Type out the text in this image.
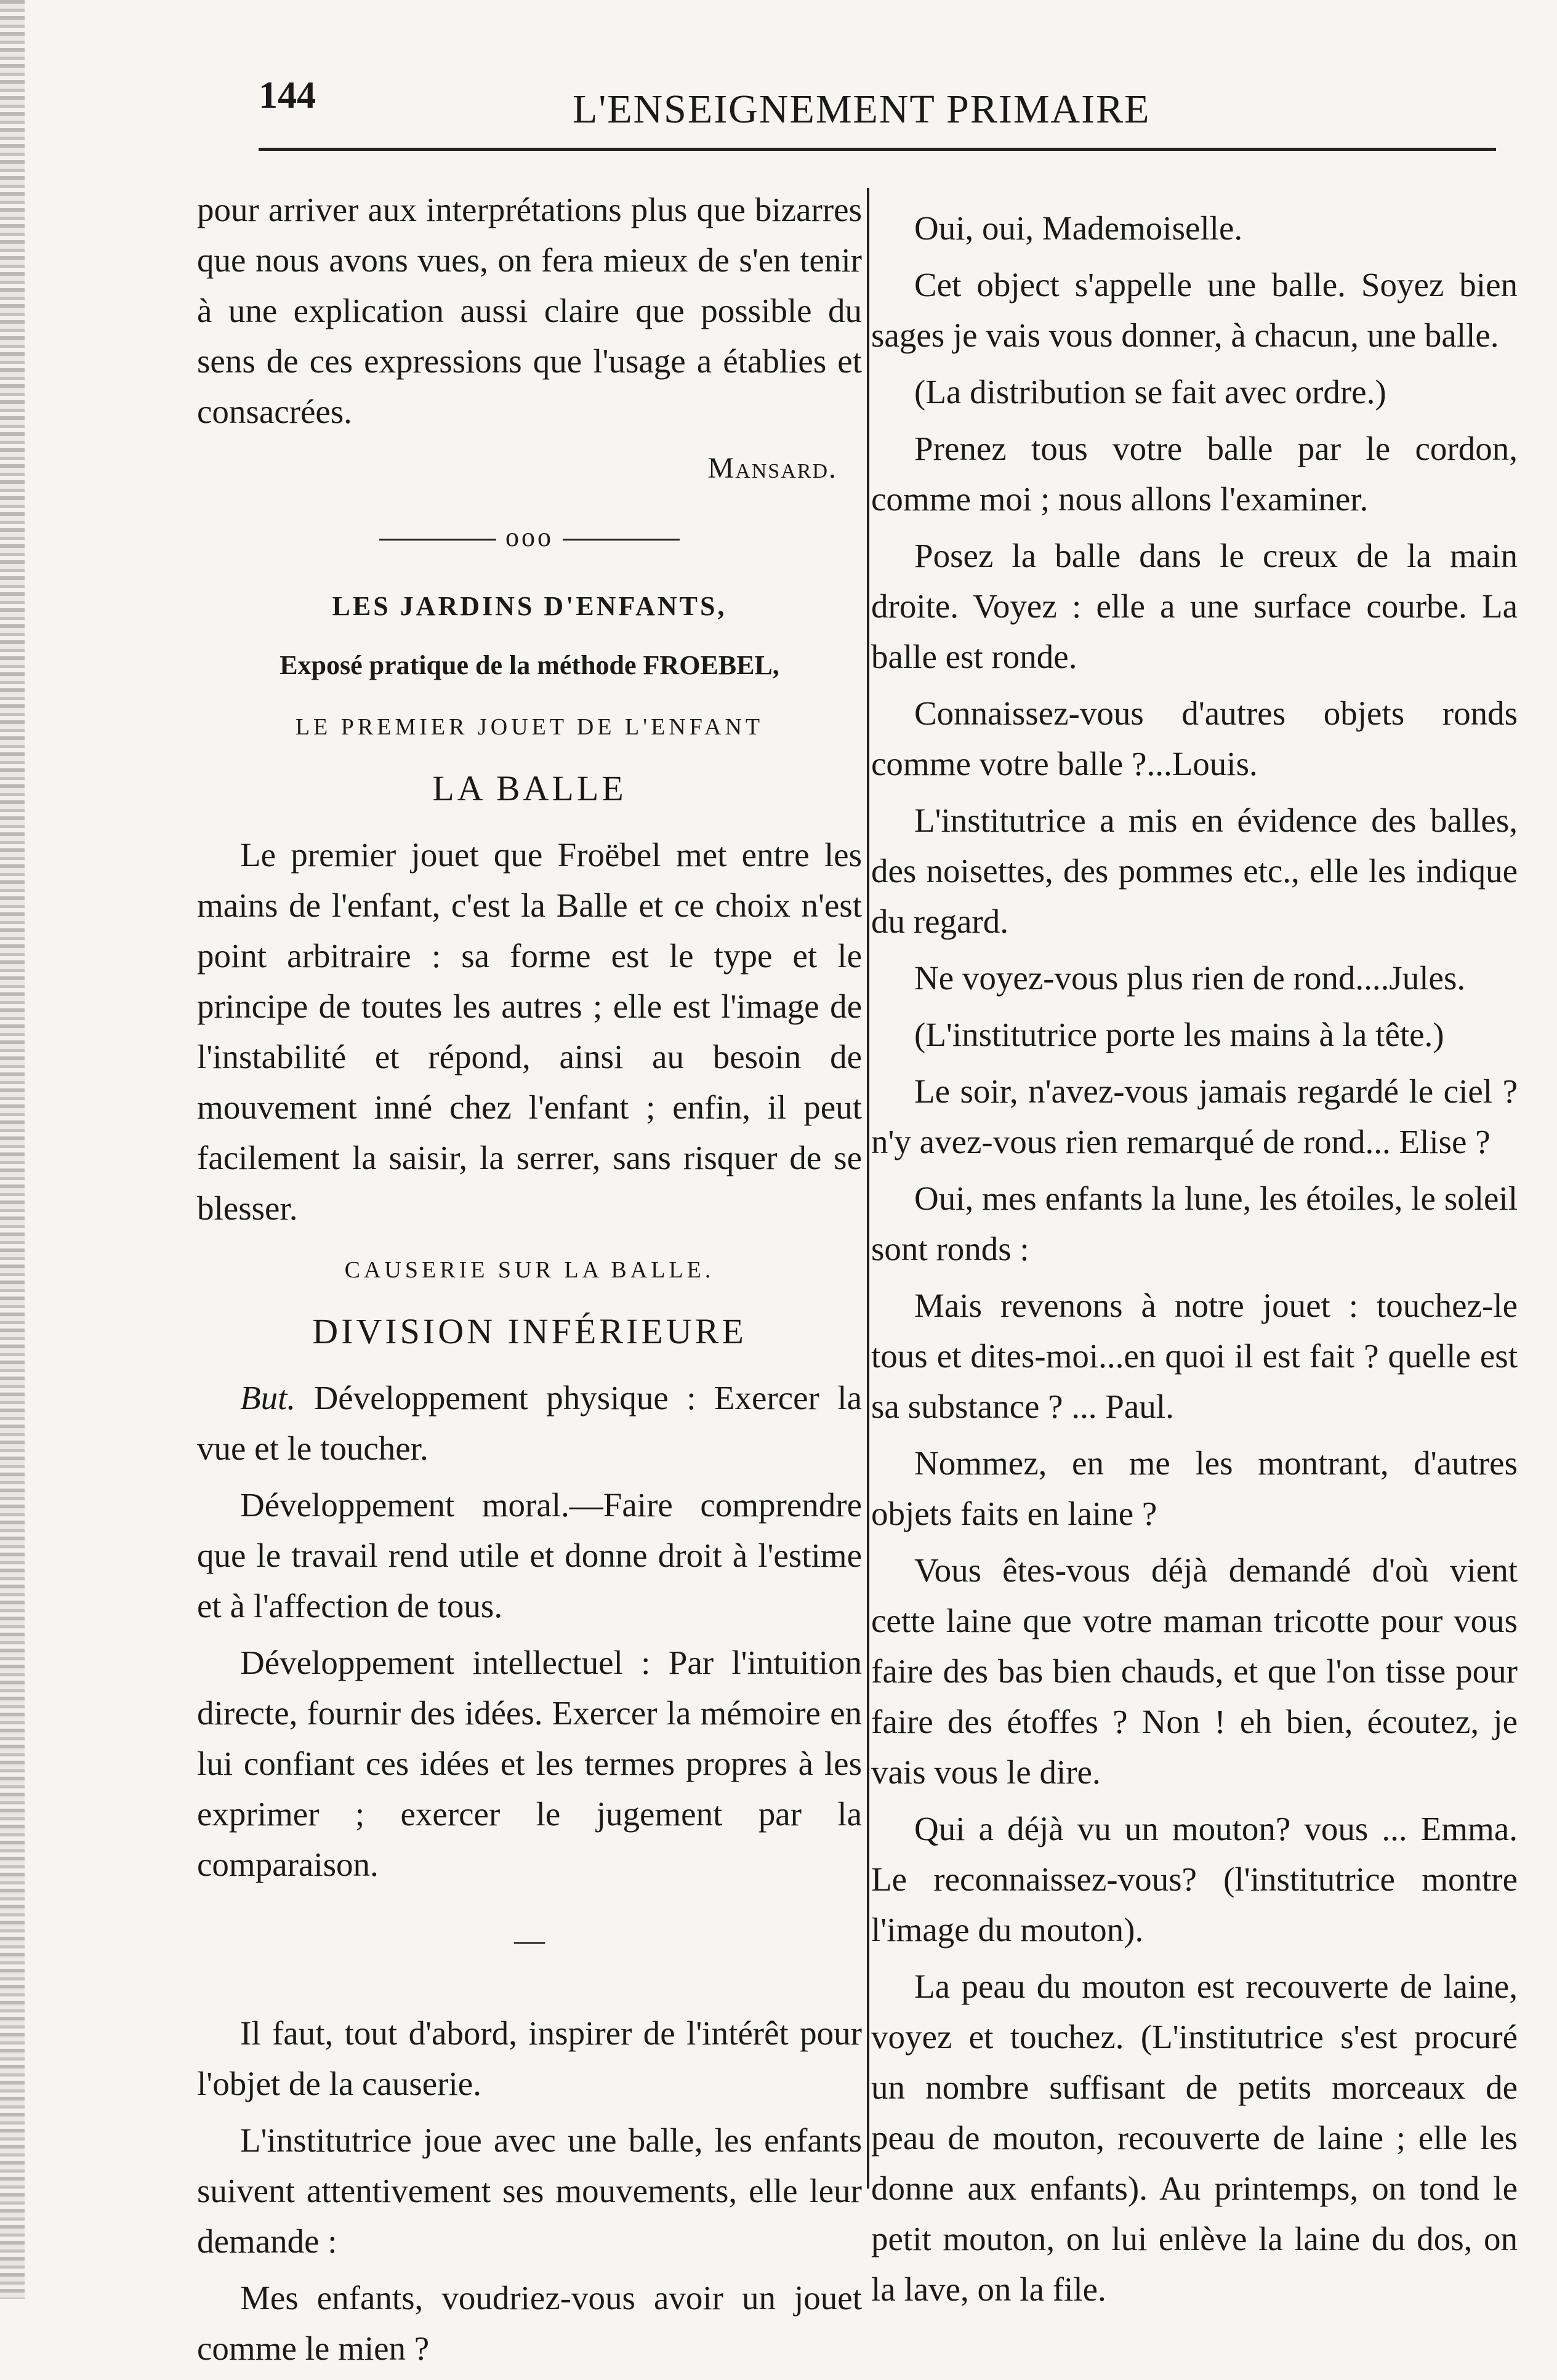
144	L'ENSEIGNEMENT PRIMAIRE

pour arriver aux interprétations plus que bizarres que nous avons vues, on fera mieux de s'en tenir à une explication aussi claire que possible du sens de ces expressions que l'usage a établies et consacrées.

Mansard.

ooo
LES JARDINS D'ENFANTS,
Exposé pratique de la méthode FROEBEL,
LE PREMIER JOUET DE L'ENFANT
LA BALLE

Le premier jouet que Froëbel met entre les mains de l'enfant, c'est la Balle et ce choix n'est point arbitraire : sa forme est le type et le principe de toutes les autres ; elle est l'image de l'instabilité et répond, ainsi au besoin de mouvement inné chez l'enfant ; enfin, il peut facilement la saisir, la serrer, sans risquer de se blesser.

CAUSERIE SUR LA BALLE.
DIVISION INFÉRIEURE

But. Développement physique : Exercer la vue et le toucher.

Développement moral.—Faire comprendre que le travail rend utile et donne droit à l'estime et à l'affection de tous.

Développement intellectuel : Par l'intuition directe, fournir des idées. Exercer la mémoire en lui confiant ces idées et les termes propres à les exprimer ; exercer le jugement par la comparaison.

—

Il faut, tout d'abord, inspirer de l'intérêt pour l'objet de la causerie.

L'institutrice joue avec une balle, les enfants suivent attentivement ses mouvements, elle leur demande :

Mes enfants, voudriez-vous avoir un jouet comme le mien ?

Oui, oui, Mademoiselle.

Cet object s'appelle une balle. Soyez bien sages je vais vous donner, à chacun, une balle.

(La distribution se fait avec ordre.)

Prenez tous votre balle par le cordon, comme moi ; nous allons l'examiner.

Posez la balle dans le creux de la main droite. Voyez : elle a une surface courbe. La balle est ronde.

Connaissez-vous d'autres objets ronds comme votre balle ?...Louis.

L'institutrice a mis en évidence des balles, des noisettes, des pommes etc., elle les indique du regard.

Ne voyez-vous plus rien de rond....Jules.

(L'institutrice porte les mains à la tête.)

Le soir, n'avez-vous jamais regardé le ciel ? n'y avez-vous rien remarqué de rond... Elise ?

Oui, mes enfants la lune, les étoiles, le soleil sont ronds :

Mais revenons à notre jouet : touchez-le tous et dites-moi...en quoi il est fait ? quelle est sa substance ? ... Paul.

Nommez, en me les montrant, d'autres objets faits en laine ?

Vous êtes-vous déjà demandé d'où vient cette laine que votre maman tricotte pour vous faire des bas bien chauds, et que l'on tisse pour faire des étoffes ? Non ! eh bien, écoutez, je vais vous le dire.

Qui a déjà vu un mouton? vous ... Emma. Le reconnaissez-vous? (l'institutrice montre l'image du mouton).

La peau du mouton est recouverte de laine, voyez et touchez. (L'institutrice s'est procuré un nombre suffisant de petits morceaux de peau de mouton, recouverte de laine ; elle les donne aux enfants). Au printemps, on tond le petit mouton, on lui enlève la laine du dos, on la lave, on la file.
